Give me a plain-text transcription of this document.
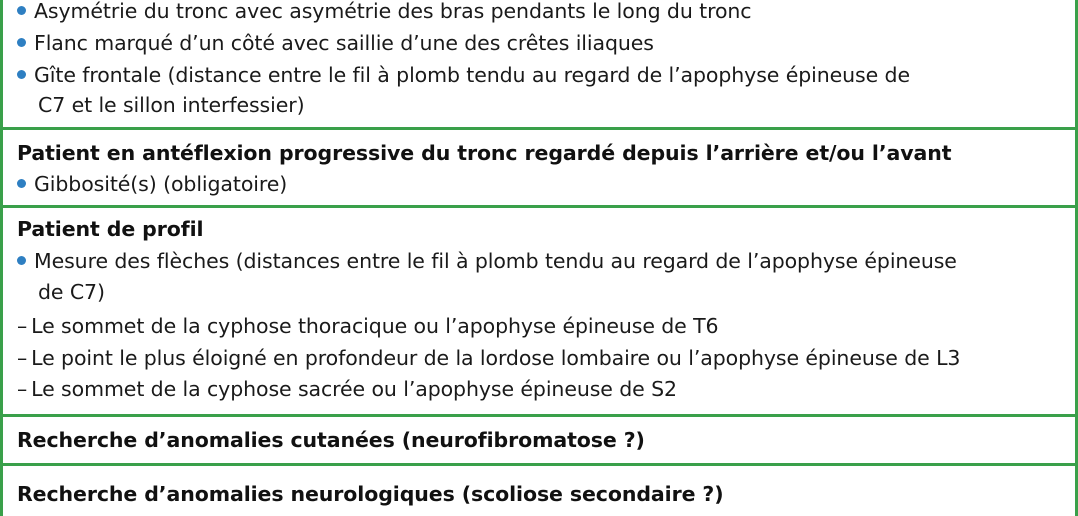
Asymétrie du tronc avec asymétrie des bras pendants le long du tronc
Flanc marqué d’un côté avec saillie d’une des crêtes iliaques
Gîte frontale (distance entre le fil à plomb tendu au regard de l’apophyse épineuse de
C7 et le sillon interfessier)
Patient en antéflexion progressive du tronc regardé depuis l’arrière et/ou l’avant
Gibbosité(s) (obligatoire)
Patient de profil
Mesure des flèches (distances entre le fil à plomb tendu au regard de l’apophyse épineuse
de C7)
– Le sommet de la cyphose thoracique ou l’apophyse épineuse de T6
– Le point le plus éloigné en profondeur de la lordose lombaire ou l’apophyse épineuse de L3
– Le sommet de la cyphose sacrée ou l’apophyse épineuse de S2
Recherche d’anomalies cutanées (neurofibromatose ?)
Recherche d’anomalies neurologiques (scoliose secondaire ?)
